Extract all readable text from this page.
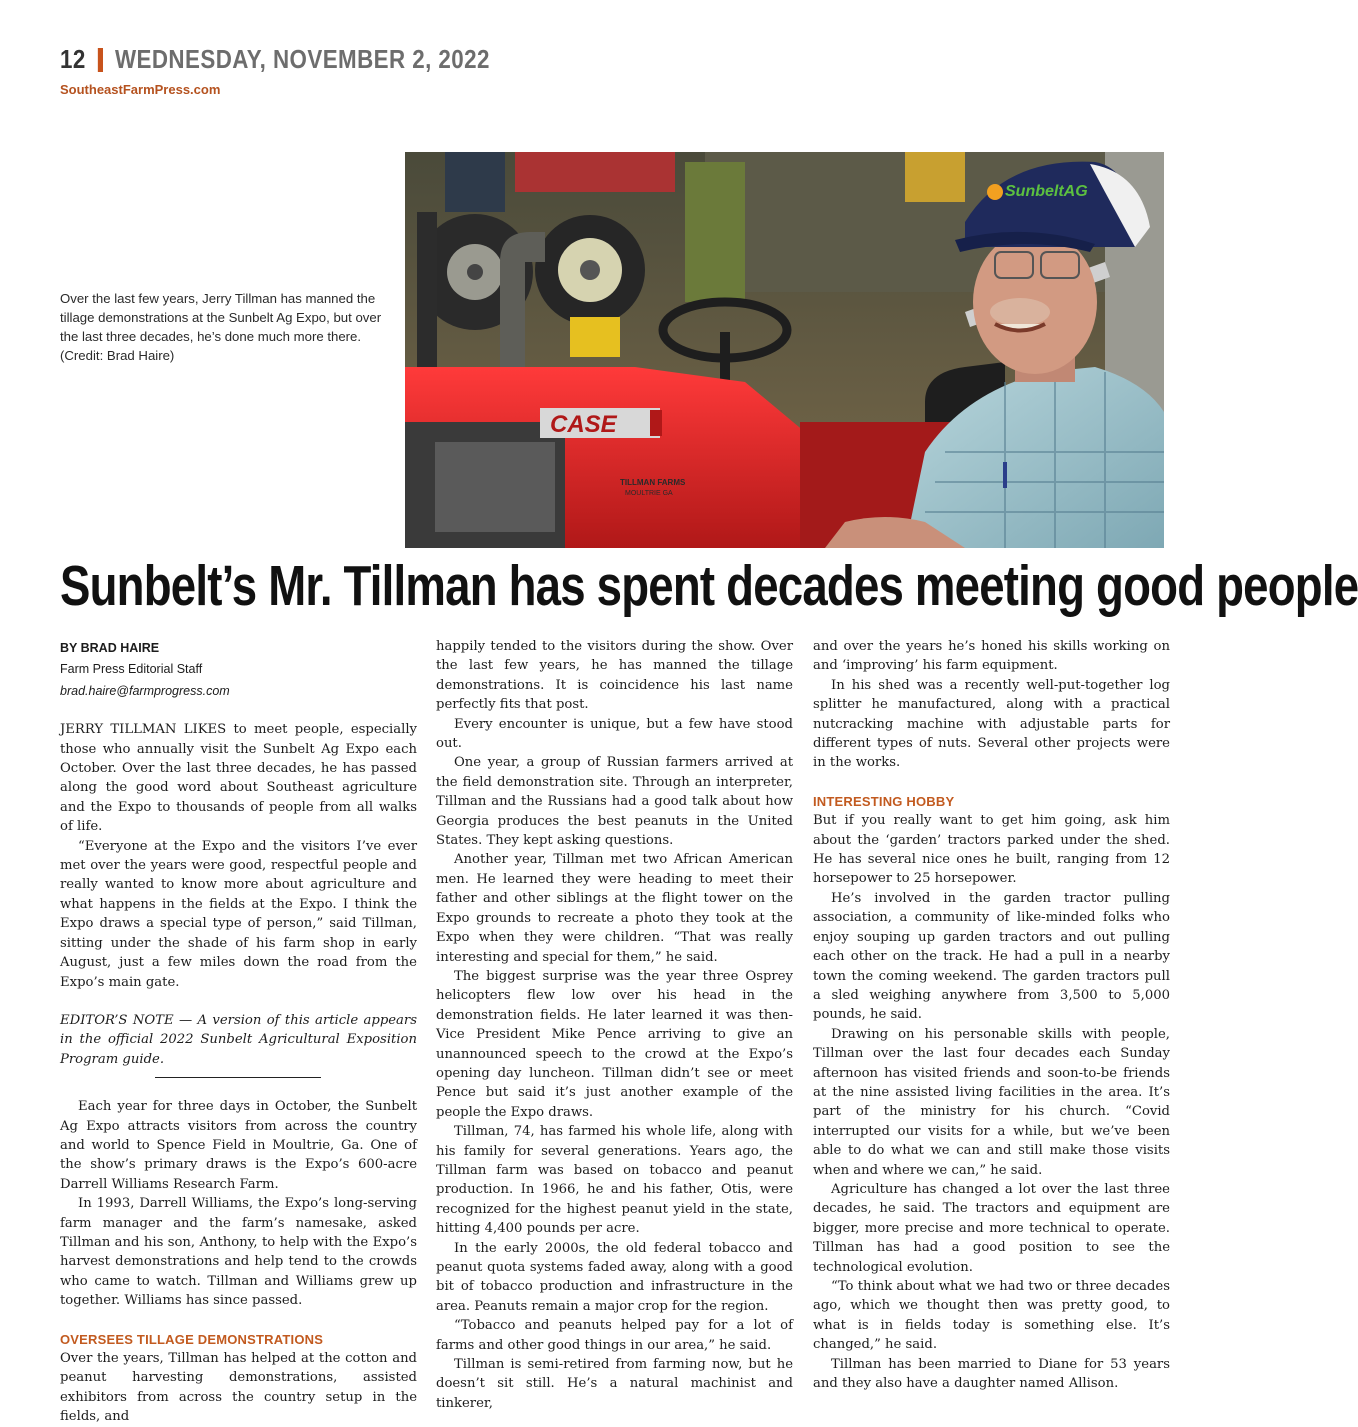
12 WEDNESDAY, NOVEMBER 2, 2022
SoutheastFarmPress.com
Over the last few years, Jerry Tillman has manned the tillage demonstrations at the Sunbelt Ag Expo, but over the last three decades, he’s done much more there. (Credit: Brad Haire)
CASE
TILLMAN FARMS
MOULTRIE GA
SunbeltAG
Sunbelt’s Mr. Tillman has spent decades meeting good people
BY BRAD HAIRE
Farm Press Editorial Staff
brad.haire@farmprogress.com

JERRY TILLMAN LIKES to meet people, especially those who annually visit the Sunbelt Ag Expo each October. Over the last three decades, he has passed along the good word about Southeast agriculture and the Expo to thousands of people from all walks of life.

“Everyone at the Expo and the visitors I’ve ever met over the years were good, respectful people and really wanted to know more about agriculture and what happens in the fields at the Expo. I think the Expo draws a special type of person,” said Tillman, sitting under the shade of his farm shop in early August, just a few miles down the road from the Expo’s main gate.

EDITOR’S NOTE — A version of this article appears in the official 2022 Sunbelt Agricultural Exposition Program guide.

Each year for three days in October, the Sunbelt Ag Expo attracts visitors from across the country and world to Spence Field in Moultrie, Ga. One of the show’s primary draws is the Expo’s 600-acre Darrell Williams Research Farm.

In 1993, Darrell Williams, the Expo’s long-serving farm manager and the farm’s namesake, asked Tillman and his son, Anthony, to help with the Expo’s harvest demonstrations and help tend to the crowds who came to watch. Tillman and Williams grew up together. Williams has since passed.

OVERSEES TILLAGE DEMONSTRATIONS

Over the years, Tillman has helped at the cotton and peanut harvesting demonstrations, assisted exhibitors from across the country setup in the fields, and

happily tended to the visitors during the show. Over the last few years, he has manned the tillage demonstrations. It is coincidence his last name perfectly fits that post.

Every encounter is unique, but a few have stood out.

One year, a group of Russian farmers arrived at the field demonstration site. Through an interpreter, Tillman and the Russians had a good talk about how Georgia produces the best peanuts in the United States. They kept asking questions.

Another year, Tillman met two African American men. He learned they were heading to meet their father and other siblings at the flight tower on the Expo grounds to recreate a photo they took at the Expo when they were children. “That was really interesting and special for them,” he said.

The biggest surprise was the year three Osprey helicopters flew low over his head in the demonstration fields. He later learned it was then-Vice President Mike Pence arriving to give an unannounced speech to the crowd at the Expo’s opening day luncheon. Tillman didn’t see or meet Pence but said it’s just another example of the people the Expo draws.

Tillman, 74, has farmed his whole life, along with his family for several generations. Years ago, the Tillman farm was based on tobacco and peanut production. In 1966, he and his father, Otis, were recognized for the highest peanut yield in the state, hitting 4,400 pounds per acre.

In the early 2000s, the old federal tobacco and peanut quota systems faded away, along with a good bit of tobacco production and infrastructure in the area. Peanuts remain a major crop for the region.

“Tobacco and peanuts helped pay for a lot of farms and other good things in our area,” he said.

Tillman is semi-retired from farming now, but he doesn’t sit still. He’s a natural machinist and tinkerer,

and over the years he’s honed his skills working on and ‘improving’ his farm equipment.

In his shed was a recently well-put-together log splitter he manufactured, along with a practical nutcracking machine with adjustable parts for different types of nuts. Several other projects were in the works.

INTERESTING HOBBY

But if you really want to get him going, ask him about the ‘garden’ tractors parked under the shed. He has several nice ones he built, ranging from 12 horsepower to 25 horsepower.

He’s involved in the garden tractor pulling association, a community of like-minded folks who enjoy souping up garden tractors and out pulling each other on the track. He had a pull in a nearby town the coming weekend. The garden tractors pull a sled weighing anywhere from 3,500 to 5,000 pounds, he said.

Drawing on his personable skills with people, Tillman over the last four decades each Sunday afternoon has visited friends and soon-to-be friends at the nine assisted living facilities in the area. It’s part of the ministry for his church. “Covid interrupted our visits for a while, but we’ve been able to do what we can and still make those visits when and where we can,” he said.

Agriculture has changed a lot over the last three decades, he said. The tractors and equipment are bigger, more precise and more technical to operate. Tillman has had a good position to see the technological evolution.

“To think about what we had two or three decades ago, which we thought then was pretty good, to what is in fields today is something else. It’s changed,” he said.

Tillman has been married to Diane for 53 years and they also have a daughter named Allison.
